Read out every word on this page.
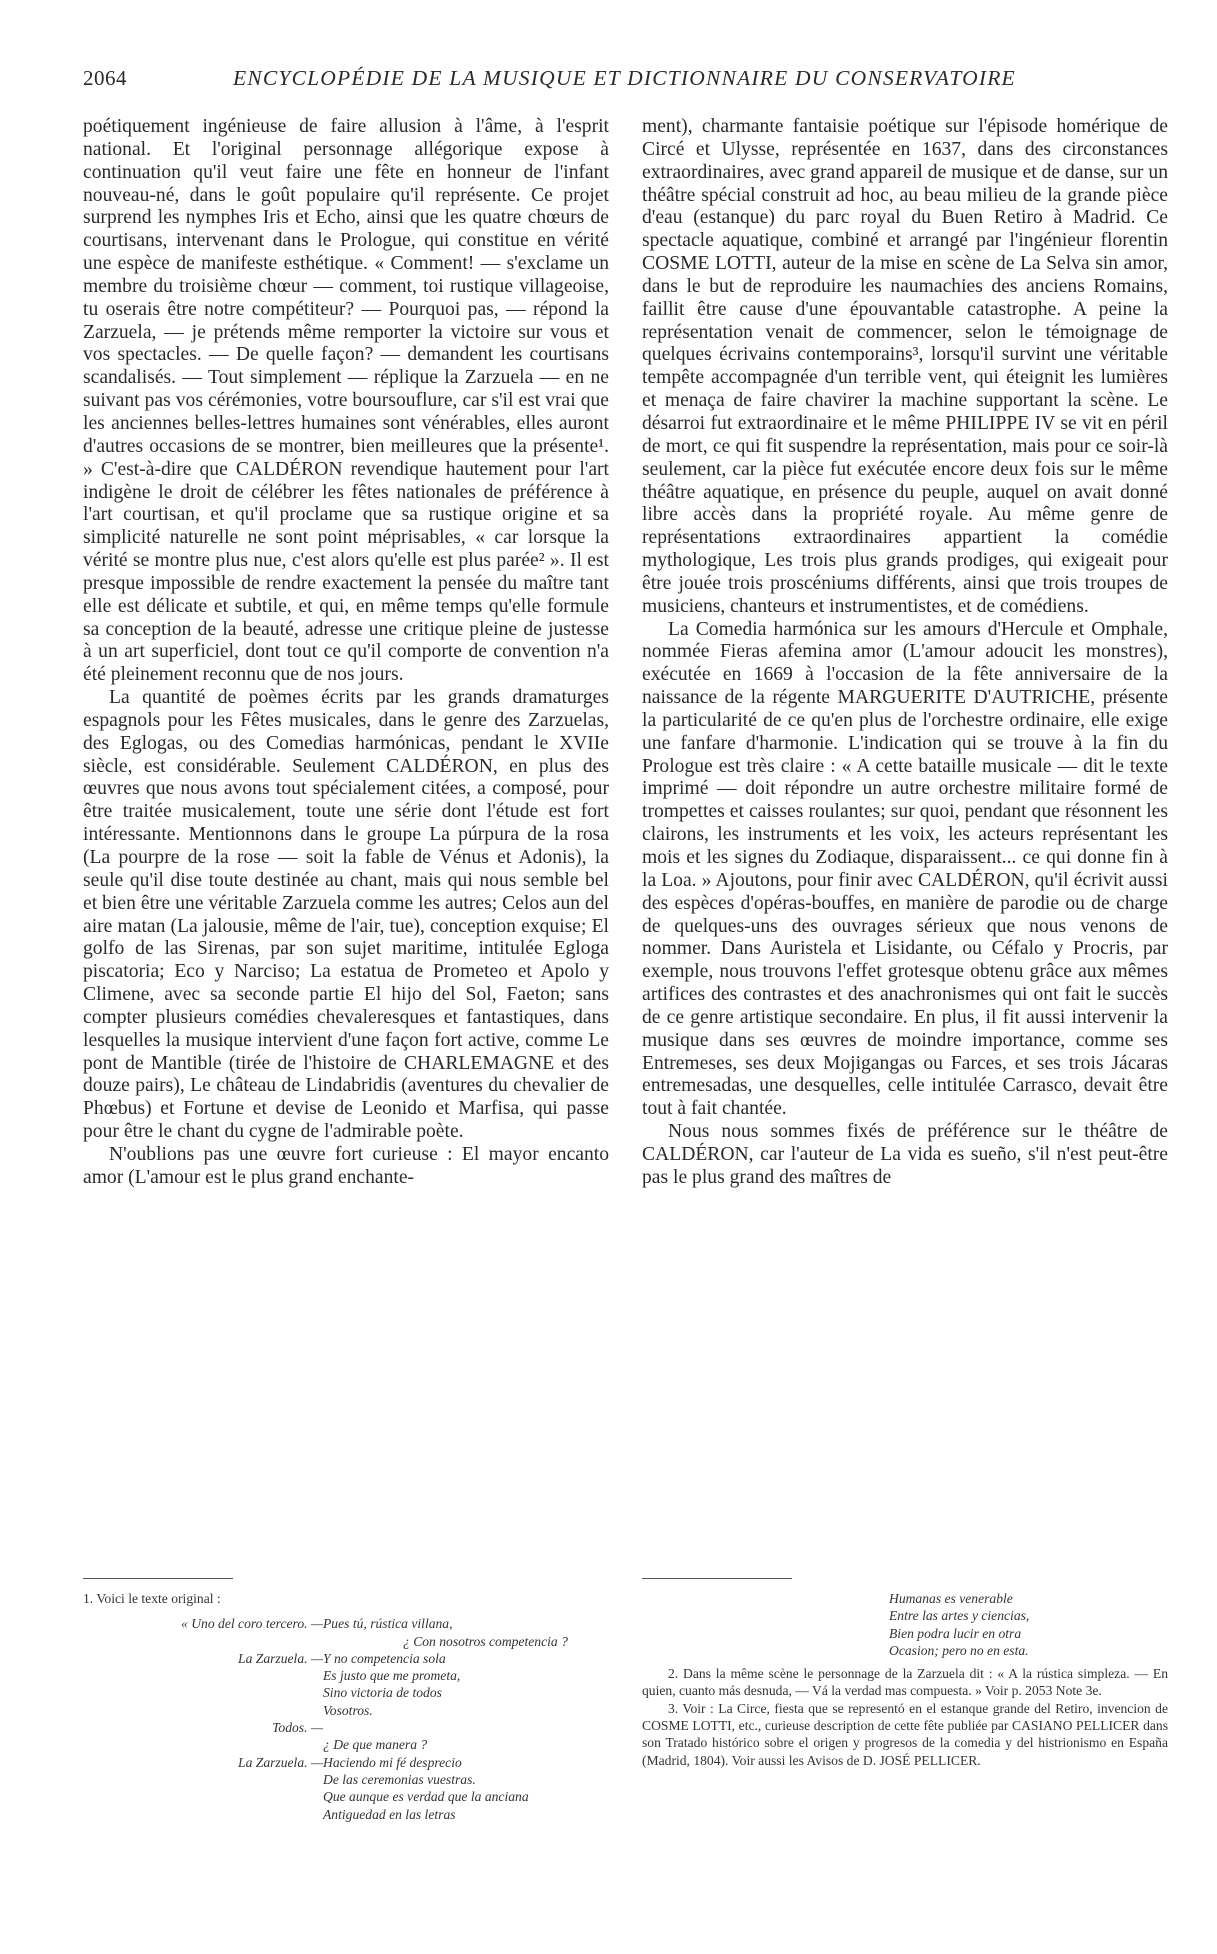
2064	ENCYCLOPÉDIE DE LA MUSIQUE ET DICTIONNAIRE DU CONSERVATOIRE

poétiquement ingénieuse de faire allusion à l'âme, à l'esprit national. Et l'original personnage allégorique expose à continuation qu'il veut faire une fête en honneur de l'infant nouveau-né, dans le goût populaire qu'il représente. Ce projet surprend les nymphes Iris et Echo, ainsi que les quatre chœurs de courtisans, intervenant dans le Prologue, qui constitue en vérité une espèce de manifeste esthétique. « Comment! — s'exclame un membre du troisième chœur — comment, toi rustique villageoise, tu oserais être notre compétiteur? — Pourquoi pas, — répond la Zarzuela, — je prétends même remporter la victoire sur vous et vos spectacles. — De quelle façon? — demandent les courtisans scandalisés. — Tout simplement — réplique la Zarzuela — en ne suivant pas vos cérémonies, votre boursouflure, car s'il est vrai que les anciennes belles-lettres humaines sont vénérables, elles auront d'autres occasions de se montrer, bien meilleures que la présente¹. » C'est-à-dire que CALDÉRON revendique hautement pour l'art indigène le droit de célébrer les fêtes nationales de préférence à l'art courtisan, et qu'il proclame que sa rustique origine et sa simplicité naturelle ne sont point méprisables, « car lorsque la vérité se montre plus nue, c'est alors qu'elle est plus parée² ». Il est presque impossible de rendre exactement la pensée du maître tant elle est délicate et subtile, et qui, en même temps qu'elle formule sa conception de la beauté, adresse une critique pleine de justesse à un art superficiel, dont tout ce qu'il comporte de convention n'a été pleinement reconnu que de nos jours.

La quantité de poèmes écrits par les grands dramaturges espagnols pour les Fêtes musicales, dans le genre des Zarzuelas, des Eglogas, ou des Comedias harmónicas, pendant le XVIIe siècle, est considérable. Seulement CALDÉRON, en plus des œuvres que nous avons tout spécialement citées, a composé, pour être traitée musicalement, toute une série dont l'étude est fort intéressante. Mentionnons dans le groupe La púrpura de la rosa (La pourpre de la rose — soit la fable de Vénus et Adonis), la seule qu'il dise toute destinée au chant, mais qui nous semble bel et bien être une véritable Zarzuela comme les autres; Celos aun del aire matan (La jalousie, même de l'air, tue), conception exquise; El golfo de las Sirenas, par son sujet maritime, intitulée Egloga piscatoria; Eco y Narciso; La estatua de Prometeo et Apolo y Climene, avec sa seconde partie El hijo del Sol, Faeton; sans compter plusieurs comédies chevaleresques et fantastiques, dans lesquelles la musique intervient d'une façon fort active, comme Le pont de Mantible (tirée de l'histoire de CHARLEMAGNE et des douze pairs), Le château de Lindabridis (aventures du chevalier de Phœbus) et Fortune et devise de Leonido et Marfisa, qui passe pour être le chant du cygne de l'admirable poète.

N'oublions pas une œuvre fort curieuse : El mayor encanto amor (L'amour est le plus grand enchante-

ment), charmante fantaisie poétique sur l'épisode homérique de Circé et Ulysse, représentée en 1637, dans des circonstances extraordinaires, avec grand appareil de musique et de danse, sur un théâtre spécial construit ad hoc, au beau milieu de la grande pièce d'eau (estanque) du parc royal du Buen Retiro à Madrid. Ce spectacle aquatique, combiné et arrangé par l'ingénieur florentin COSME LOTTI, auteur de la mise en scène de La Selva sin amor, dans le but de reproduire les naumachies des anciens Romains, faillit être cause d'une épouvantable catastrophe. A peine la représentation venait de commencer, selon le témoignage de quelques écrivains contemporains³, lorsqu'il survint une véritable tempête accompagnée d'un terrible vent, qui éteignit les lumières et menaça de faire chavirer la machine supportant la scène. Le désarroi fut extraordinaire et le même PHILIPPE IV se vit en péril de mort, ce qui fit suspendre la représentation, mais pour ce soir-là seulement, car la pièce fut exécutée encore deux fois sur le même théâtre aquatique, en présence du peuple, auquel on avait donné libre accès dans la propriété royale. Au même genre de représentations extraordinaires appartient la comédie mythologique, Les trois plus grands prodiges, qui exigeait pour être jouée trois proscéniums différents, ainsi que trois troupes de musiciens, chanteurs et instrumentistes, et de comédiens.

La Comedia harmónica sur les amours d'Hercule et Omphale, nommée Fieras afemina amor (L'amour adoucit les monstres), exécutée en 1669 à l'occasion de la fête anniversaire de la naissance de la régente MARGUERITE D'AUTRICHE, présente la particularité de ce qu'en plus de l'orchestre ordinaire, elle exige une fanfare d'harmonie. L'indication qui se trouve à la fin du Prologue est très claire : « A cette bataille musicale — dit le texte imprimé — doit répondre un autre orchestre militaire formé de trompettes et caisses roulantes; sur quoi, pendant que résonnent les clairons, les instruments et les voix, les acteurs représentant les mois et les signes du Zodiaque, disparaissent... ce qui donne fin à la Loa. » Ajoutons, pour finir avec CALDÉRON, qu'il écrivit aussi des espèces d'opéras-bouffes, en manière de parodie ou de charge de quelques-uns des ouvrages sérieux que nous venons de nommer. Dans Auristela et Lisidante, ou Céfalo y Procris, par exemple, nous trouvons l'effet grotesque obtenu grâce aux mêmes artifices des contrastes et des anachronismes qui ont fait le succès de ce genre artistique secondaire. En plus, il fit aussi intervenir la musique dans ses œuvres de moindre importance, comme ses Entremeses, ses deux Mojigangas ou Farces, et ses trois Jácaras entremesadas, une desquelles, celle intitulée Carrasco, devait être tout à fait chantée.

Nous nous sommes fixés de préférence sur le théâtre de CALDÉRON, car l'auteur de La vida es sueño, s'il n'est peut-être pas le plus grand des maîtres de

1. Voici le texte original :
« Uno del coro tercero. — Pues tú, rústica villana,
¿ Con nosotros competencia ?
La Zarzuela. — Y no competencia sola
Es justo que me prometa,
Sino victoria de todos
Vosotros.
Todos. —
¿ De que manera ?
La Zarzuela. — Haciendo mi fé desprecio
De las ceremonias vuestras.
Que aunque es verdad que la anciana
Antiguedad en las letras
Humanas es venerable
Entre las artes y ciencias,
Bien podra lucir en otra
Ocasion; pero no en esta.

2. Dans la même scène le personnage de la Zarzuela dit : « A la rústica simpleza. — En quien, cuanto más desnuda, — Vá la verdad mas compuesta. » Voir p. 2053 Note 3e.

3. Voir : La Circe, fiesta que se representó en el estanque grande del Retiro, invencion de COSME LOTTI, etc., curieuse description de cette fête publiée par CASIANO PELLICER dans son Tratado histórico sobre el origen y progresos de la comedia y del histrionismo en España (Madrid, 1804). Voir aussi les Avisos de D. JOSÉ PELLICER.
